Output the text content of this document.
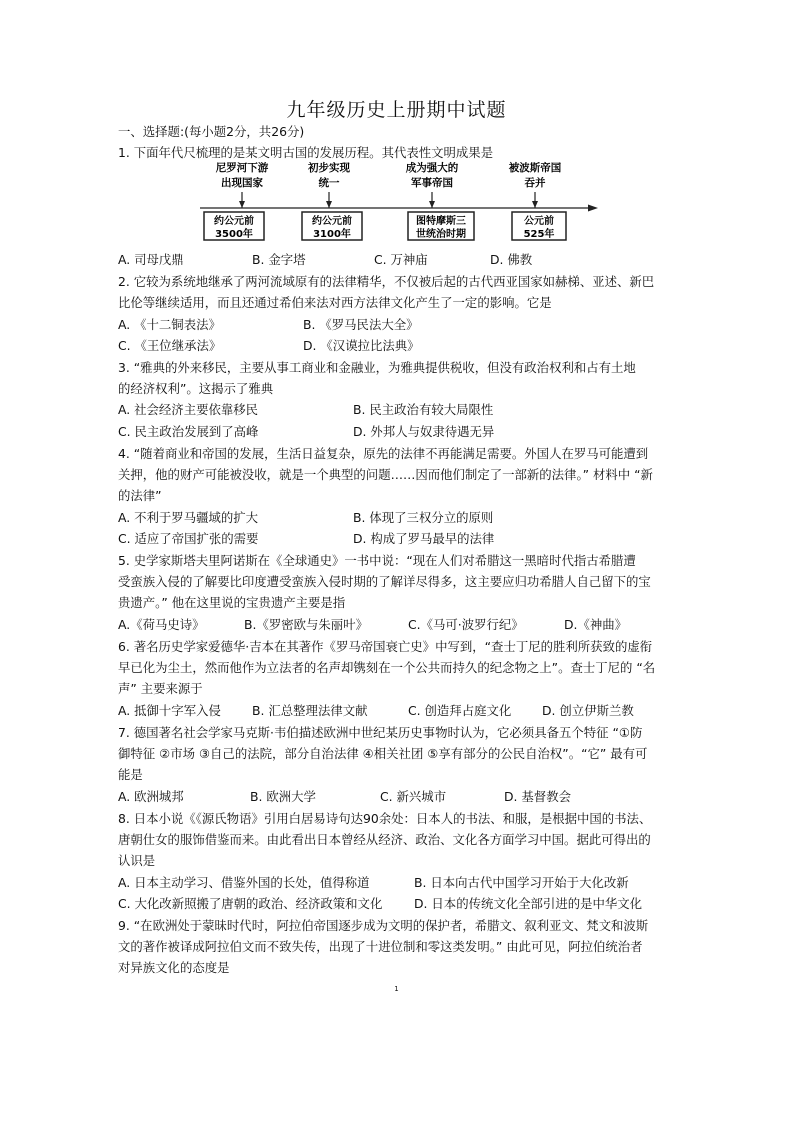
九年级历史上册期中试题
一、选择题:(每小题2分，共26分)
1. 下面年代尺梳理的是某文明古国的发展历程。其代表性文明成果是
尼罗河下游
出现国家
约公元前
3500年
初步实现
统一
约公元前
3100年
成为强大的
军事帝国
图特摩斯三
世统治时期
被波斯帝国
吞并
公元前
525年
A. 司母戊鼎	B. 金字塔	C. 万神庙	D. 佛教
2. 它较为系统地继承了两河流域原有的法律精华，不仅被后起的古代西亚国家如赫梯、亚述、新巴
比伦等继续适用，而且还通过希伯来法对西方法律文化产生了一定的影响。它是
A. 《十二铜表法》	B. 《罗马民法大全》
C. 《王位继承法》	D. 《汉谟拉比法典》
3. “雅典的外来移民，主要从事工商业和金融业，为雅典提供税收，但没有政治权利和占有土地
的经济权利”。这揭示了雅典
A. 社会经济主要依靠移民	B. 民主政治有较大局限性
C. 民主政治发展到了高峰	D. 外邦人与奴隶待遇无异
4. “随着商业和帝国的发展，生活日益复杂，原先的法律不再能满足需要。外国人在罗马可能遭到
关押，他的财产可能被没收，就是一个典型的问题……因而他们制定了一部新的法律。” 材料中 “新
的法律”
A. 不利于罗马疆域的扩大	B. 体现了三权分立的原则
C. 适应了帝国扩张的需要	D. 构成了罗马最早的法律
5. 史学家斯塔夫里阿诺斯在《全球通史》一书中说：“现在人们对希腊这一黑暗时代指古希腊遭
受蛮族入侵的了解要比印度遭受蛮族入侵时期的了解详尽得多，这主要应归功希腊人自己留下的宝
贵遗产。” 他在这里说的宝贵遗产主要是指
A.《荷马史诗》	B.《罗密欧与朱丽叶》	C.《马可·波罗行纪》	D.《神曲》
6. 著名历史学家爱德华·吉本在其著作《罗马帝国衰亡史》中写到，“查士丁尼的胜利所获致的虚衔
早已化为尘土，然而他作为立法者的名声却镌刻在一个公共而持久的纪念物之上”。查士丁尼的 “名
声” 主要来源于
A. 抵御十字军入侵	B. 汇总整理法律文献	C. 创造拜占庭文化 D. 创立伊斯兰教
7. 德国著名社会学家马克斯·韦伯描述欧洲中世纪某历史事物时认为，它必须具备五个特征 “①防
御特征 ②市场 ③自己的法院，部分自治法律 ④相关社团 ⑤享有部分的公民自治权”。“它” 最有可
能是
A. 欧洲城邦	B. 欧洲大学	C. 新兴城市	D. 基督教会
8. 日本小说《《源氏物语》引用白居易诗句达90余处：日本人的书法、和服，是根据中国的书法、
唐朝仕女的服饰借鉴而来。由此看出日本曾经从经济、政治、文化各方面学习中国。据此可得出的
认识是
A. 日本主动学习、借鉴外国的长处，值得称道	B. 日本向古代中国学习开始于大化改新
C. 大化改新照搬了唐朝的政治、经济政策和文化	D. 日本的传统文化全部引进的是中华文化
9. “在欧洲处于蒙昧时代时，阿拉伯帝国逐步成为文明的保护者，希腊文、叙利亚文、梵文和波斯
文的著作被译成阿拉伯文而不致失传，出现了十进位制和零这类发明。” 由此可见，阿拉伯统治者
对异族文化的态度是
1
